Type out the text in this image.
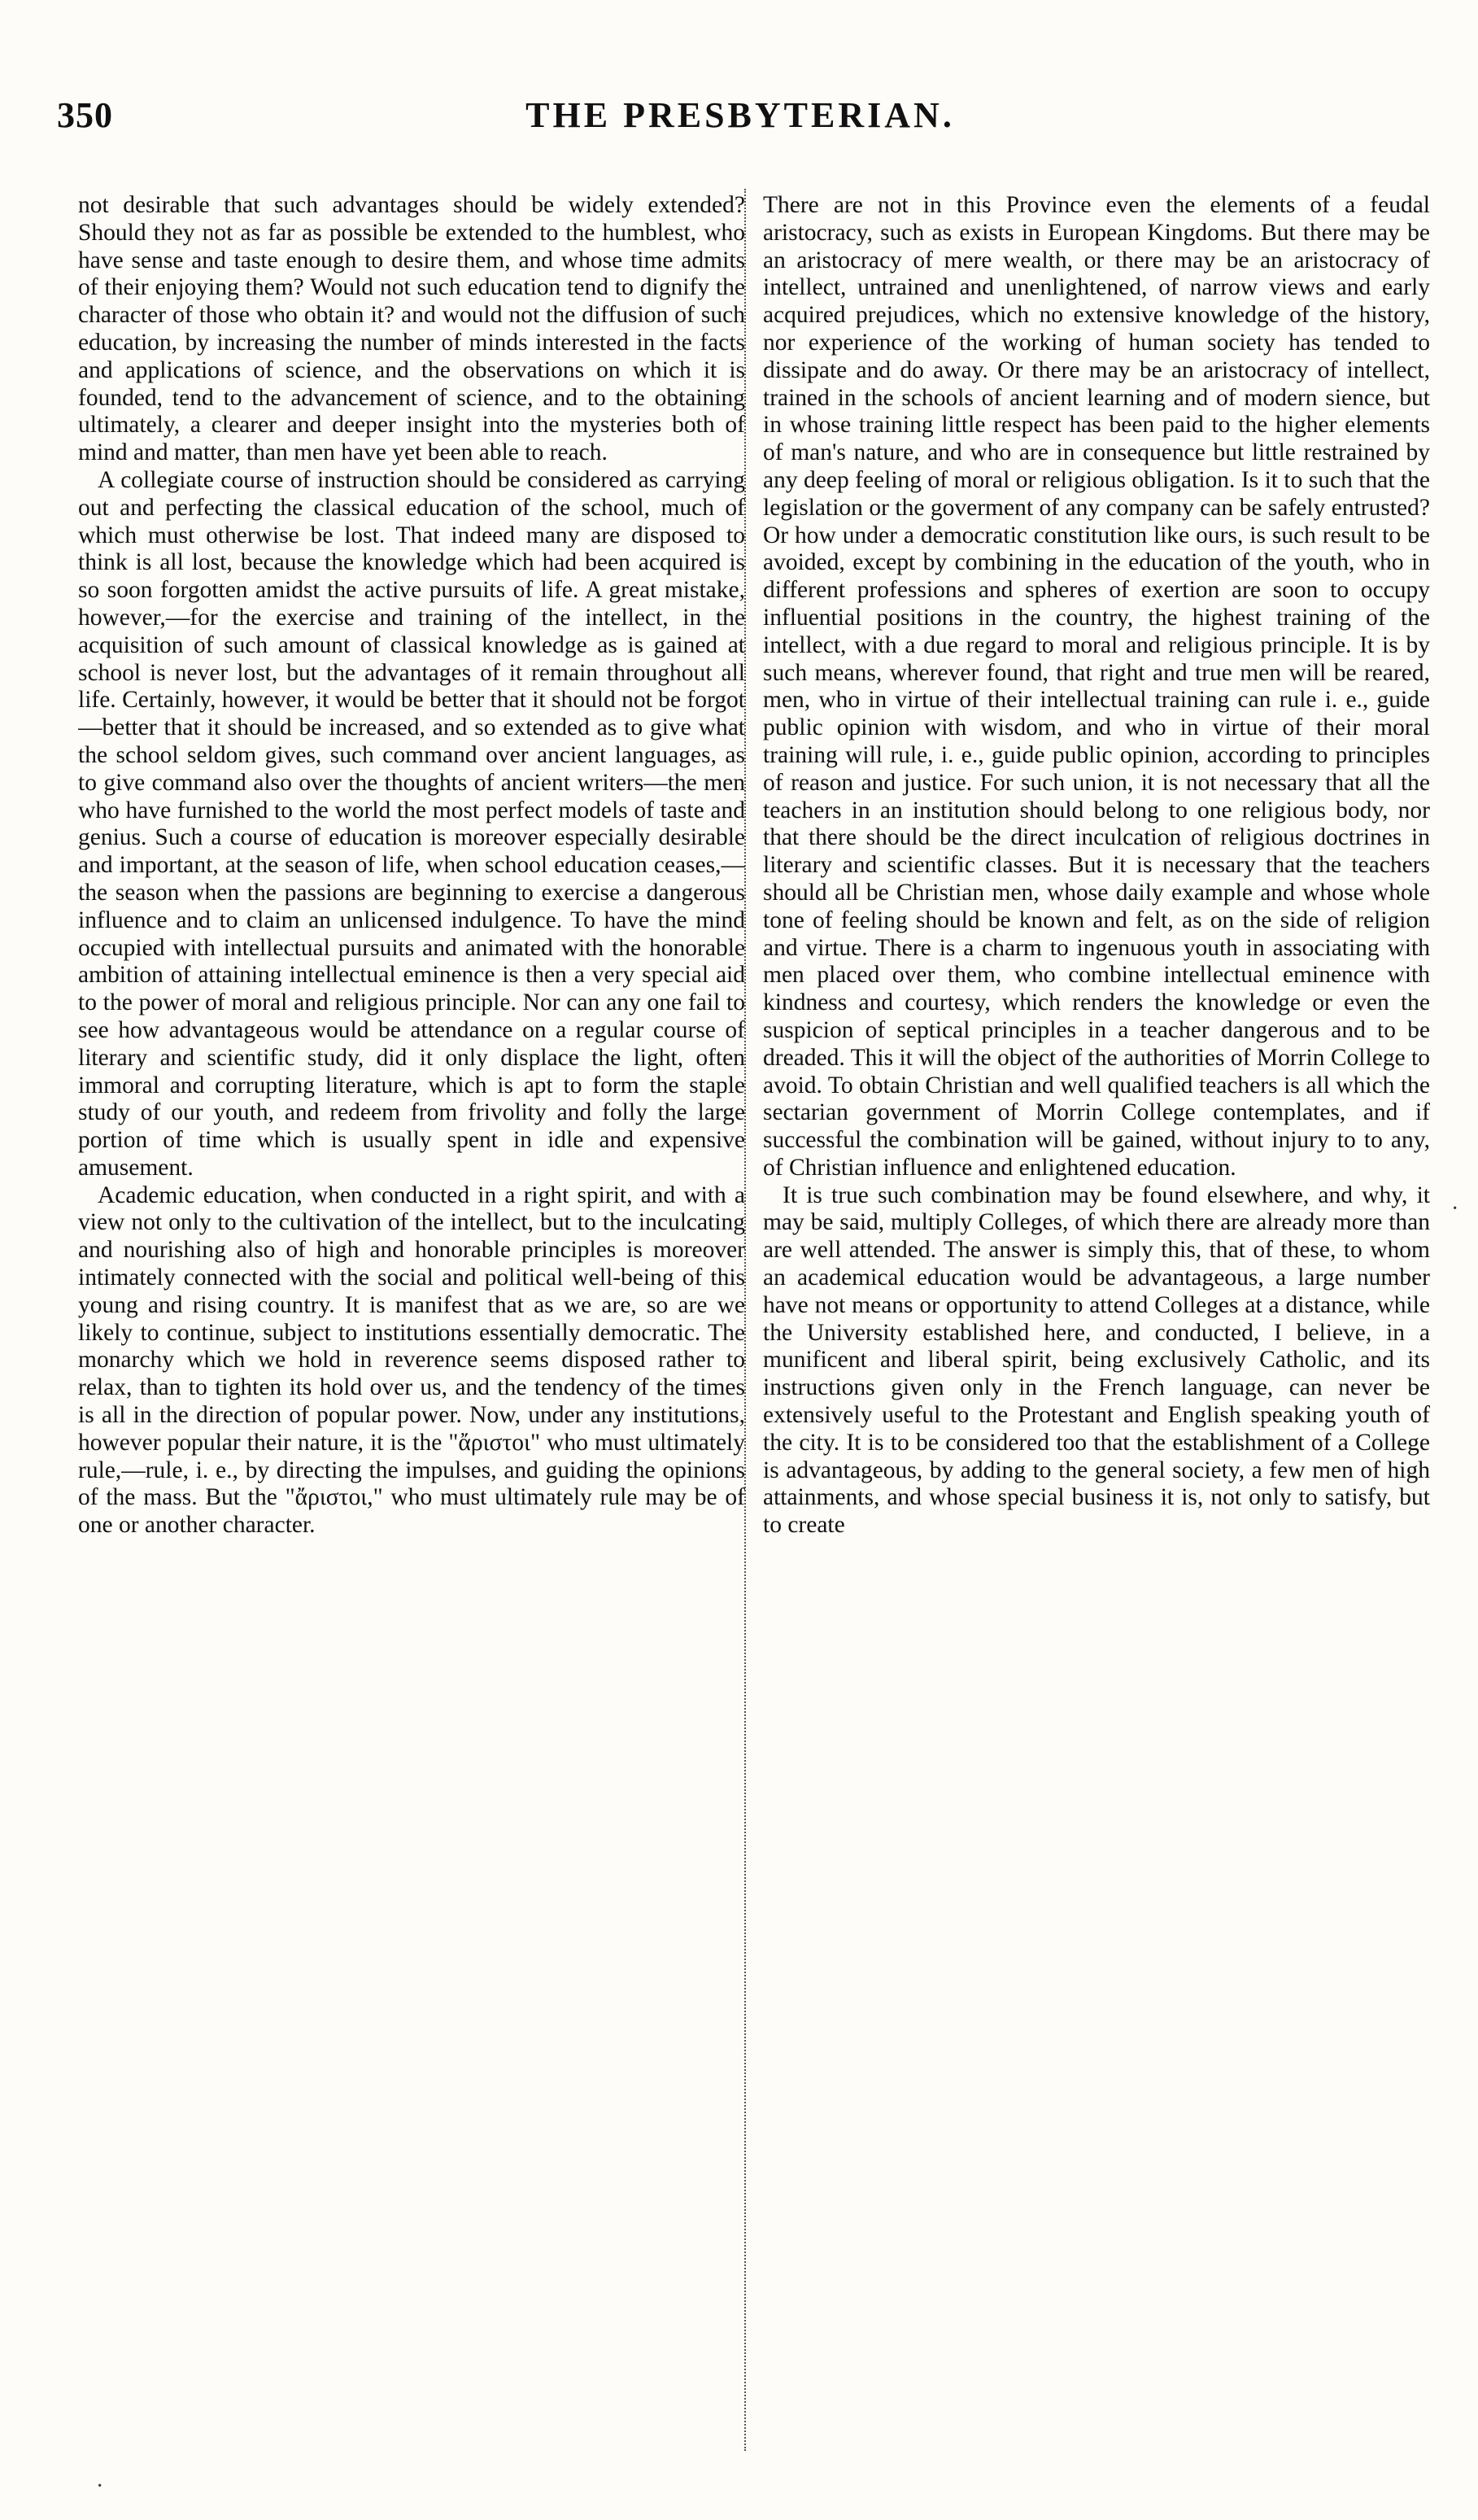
350	THE PRESBYTERIAN.

not desirable that such advantages should be widely extended? Should they not as far as possible be extended to the humblest, who have sense and taste enough to desire them, and whose time admits of their enjoying them? Would not such education tend to dignify the character of those who obtain it? and would not the diffusion of such education, by increasing the number of minds interested in the facts and applications of science, and the observations on which it is founded, tend to the advancement of science, and to the obtaining ultimately, a clearer and deeper insight into the mysteries both of mind and matter, than men have yet been able to reach.

A collegiate course of instruction should be considered as carrying out and perfecting the classical education of the school, much of which must otherwise be lost. That indeed many are disposed to think is all lost, because the knowledge which had been acquired is so soon forgotten amidst the active pursuits of life. A great mistake, however,—for the exercise and training of the intellect, in the acquisition of such amount of classical knowledge as is gained at school is never lost, but the advantages of it remain throughout all life. Certainly, however, it would be better that it should not be forgot—better that it should be increased, and so extended as to give what the school seldom gives, such command over ancient languages, as to give command also over the thoughts of ancient writers—the men who have furnished to the world the most perfect models of taste and genius. Such a course of education is moreover especially desirable and important, at the season of life, when school education ceases,—the season when the passions are beginning to exercise a dangerous influence and to claim an unlicensed indulgence. To have the mind occupied with intellectual pursuits and animated with the honorable ambition of attaining intellectual eminence is then a very special aid to the power of moral and religious principle. Nor can any one fail to see how advantageous would be attendance on a regular course of literary and scientific study, did it only displace the light, often immoral and corrupting literature, which is apt to form the staple study of our youth, and redeem from frivolity and folly the large portion of time which is usually spent in idle and expensive amusement.

Academic education, when conducted in a right spirit, and with a view not only to the cultivation of the intellect, but to the inculcating and nourishing also of high and honorable principles is moreover intimately connected with the social and political well-being of this young and rising country. It is manifest that as we are, so are we likely to continue, subject to institutions essentially democratic. The monarchy which we hold in reverence seems disposed rather to relax, than to tighten its hold over us, and the tendency of the times is all in the direction of popular power. Now, under any institutions, however popular their nature, it is the "ἄριστοι" who must ultimately rule,—rule, i. e., by directing the impulses, and guiding the opinions of the mass. But the "ἄριστοι," who must ultimately rule may be of one or another character.

There are not in this Province even the elements of a feudal aristocracy, such as exists in European Kingdoms. But there may be an aristocracy of mere wealth, or there may be an aristocracy of intellect, untrained and unenlightened, of narrow views and early acquired prejudices, which no extensive knowledge of the history, nor experience of the working of human society has tended to dissipate and do away. Or there may be an aristocracy of intellect, trained in the schools of ancient learning and of modern sience, but in whose training little respect has been paid to the higher elements of man's nature, and who are in consequence but little restrained by any deep feeling of moral or religious obligation. Is it to such that the legislation or the goverment of any company can be safely entrusted? Or how under a democratic constitution like ours, is such result to be avoided, except by combining in the education of the youth, who in different professions and spheres of exertion are soon to occupy influential positions in the country, the highest training of the intellect, with a due regard to moral and religious principle. It is by such means, wherever found, that right and true men will be reared, men, who in virtue of their intellectual training can rule i. e., guide public opinion with wisdom, and who in virtue of their moral training will rule, i. e., guide public opinion, according to principles of reason and justice. For such union, it is not necessary that all the teachers in an institution should belong to one religious body, nor that there should be the direct inculcation of religious doctrines in literary and scientific classes. But it is necessary that the teachers should all be Christian men, whose daily example and whose whole tone of feeling should be known and felt, as on the side of religion and virtue. There is a charm to ingenuous youth in associating with men placed over them, who combine intellectual eminence with kindness and courtesy, which renders the knowledge or even the suspicion of septical principles in a teacher dangerous and to be dreaded. This it will the object of the authorities of Morrin College to avoid. To obtain Christian and well qualified teachers is all which the sectarian government of Morrin College contemplates, and if successful the combination will be gained, without injury to to any, of Christian influence and enlightened education.

It is true such combination may be found elsewhere, and why, it may be said, multiply Colleges, of which there are already more than are well attended. The answer is simply this, that of these, to whom an academical education would be advantageous, a large number have not means or opportunity to attend Colleges at a distance, while the University established here, and conducted, I believe, in a munificent and liberal spirit, being exclusively Catholic, and its instructions given only in the French language, can never be extensively useful to the Protestant and English speaking youth of the city. It is to be considered too that the establishment of a College is advantageous, by adding to the general society, a few men of high attainments, and whose special business it is, not only to satisfy, but to create

·
·
